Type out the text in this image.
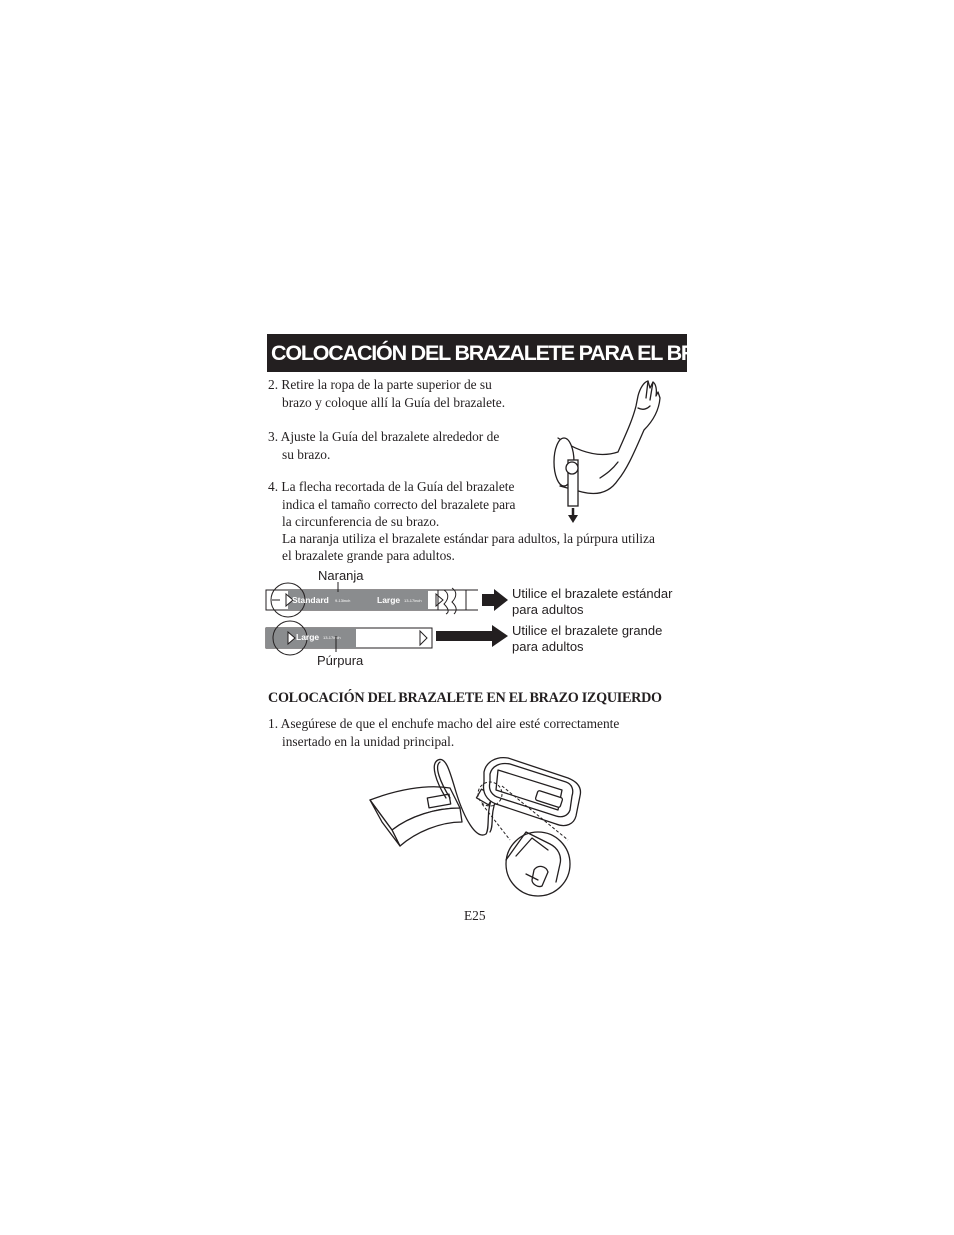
COLOCACIÓN DEL BRAZALETE PARA EL BRAZO
2. Retire la ropa de la parte superior de su
brazo y coloque allí la Guía del brazalete.
3. Ajuste la Guía del brazalete alrededor de
su brazo.
4. La flecha recortada de la Guía del brazalete
indica el tamaño correcto del brazalete para
la circunferencia de su brazo.
La naranja utiliza el brazalete estándar para adultos, la púrpura utiliza
el brazalete grande para adultos.
Naranja
Púrpura
Standard 9-13inch	Large 13-17inch
Large 13-17inch
Utilice el brazalete estándar
para adultos
Utilice el brazalete grande
para adultos
COLOCACIÓN DEL BRAZALETE EN EL BRAZO IZQUIERDO
1. Asegúrese de que el enchufe macho del aire esté correctamente
insertado en la unidad principal.
E25
